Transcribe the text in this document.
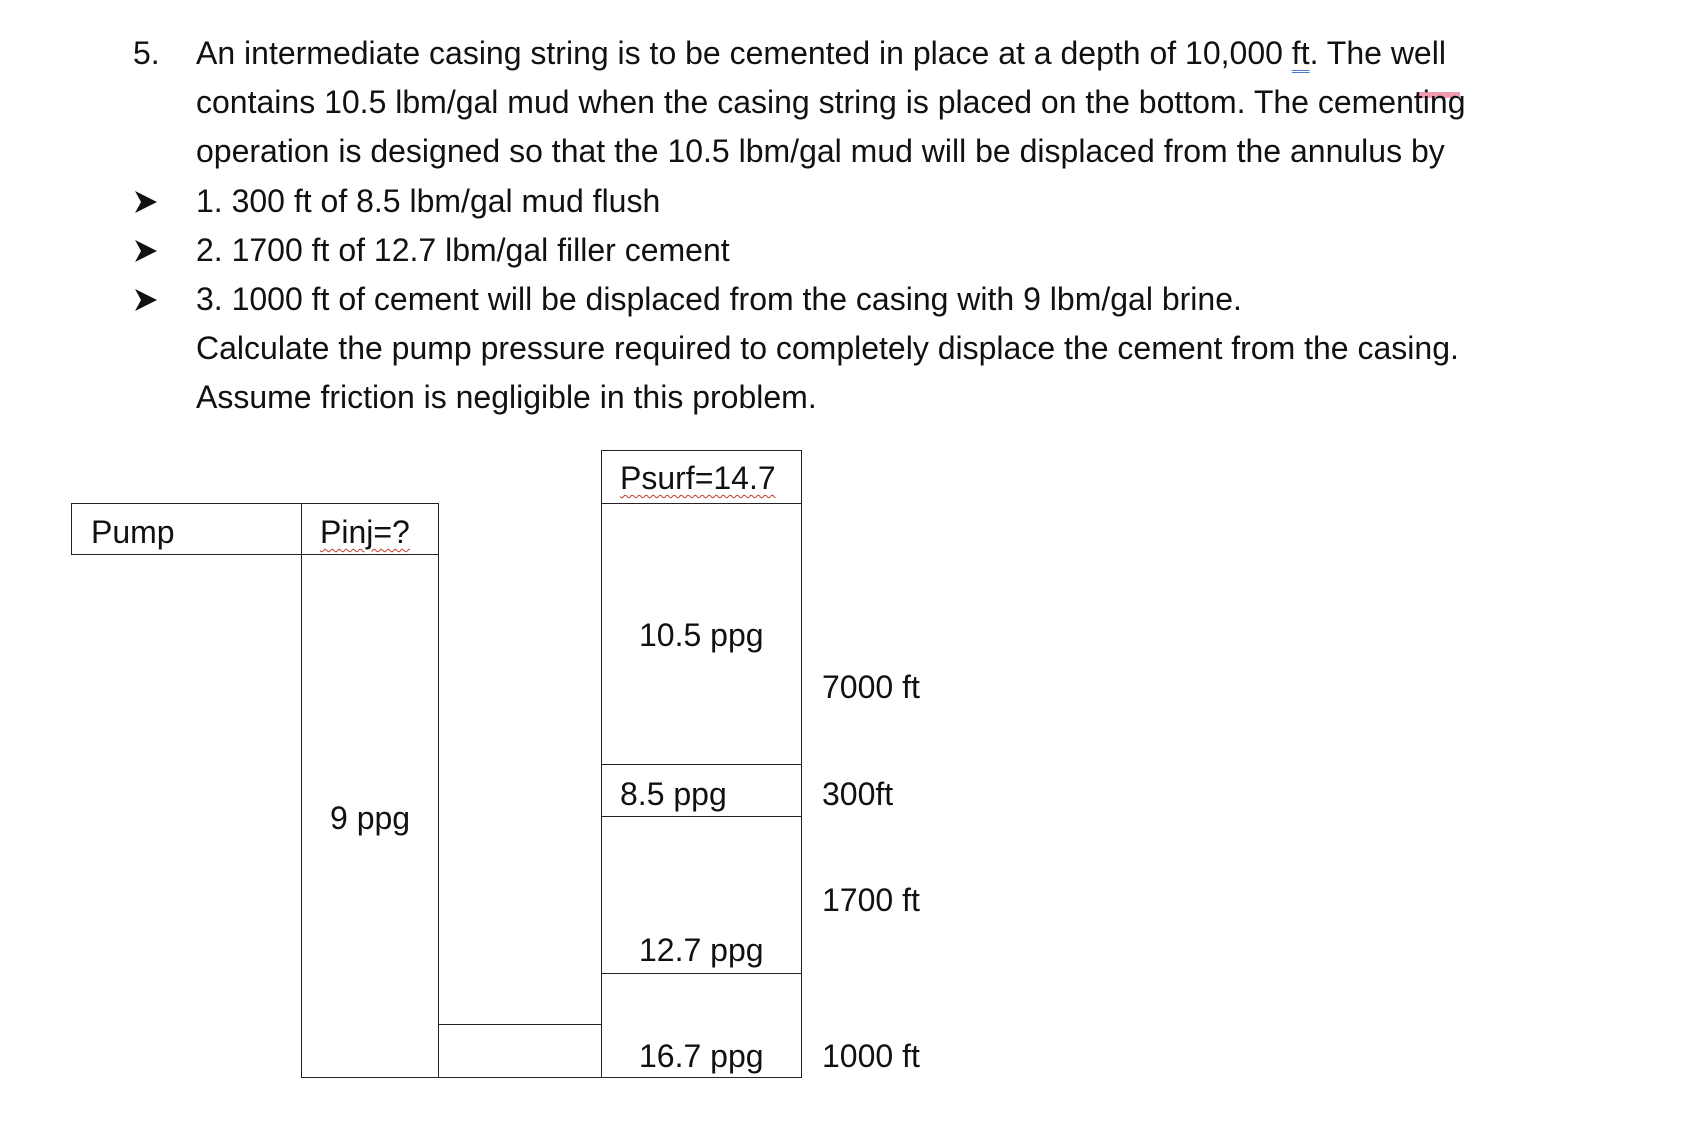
5. An intermediate casing string is to be cemented in place at a depth of 10,000 ft. The well
contains 10.5 lbm/gal mud when the casing string is placed on the bottom. The cementing
operation is designed so that the 10.5 lbm/gal mud will be displaced from the annulus by
1. 300 ft of 8.5 lbm/gal mud flush
2. 1700 ft of 12.7 lbm/gal filler cement
3. 1000 ft of cement will be displaced from the casing with 9 lbm/gal brine.
Calculate the pump pressure required to completely displace the cement from the casing.
Assume friction is negligible in this problem.
Pump	Pinj=?
9 ppg
Psurf=14.7
10.5 ppg
8.5 ppg
12.7 ppg
16.7 ppg
7000 ft
300ft
1700 ft
1000 ft
